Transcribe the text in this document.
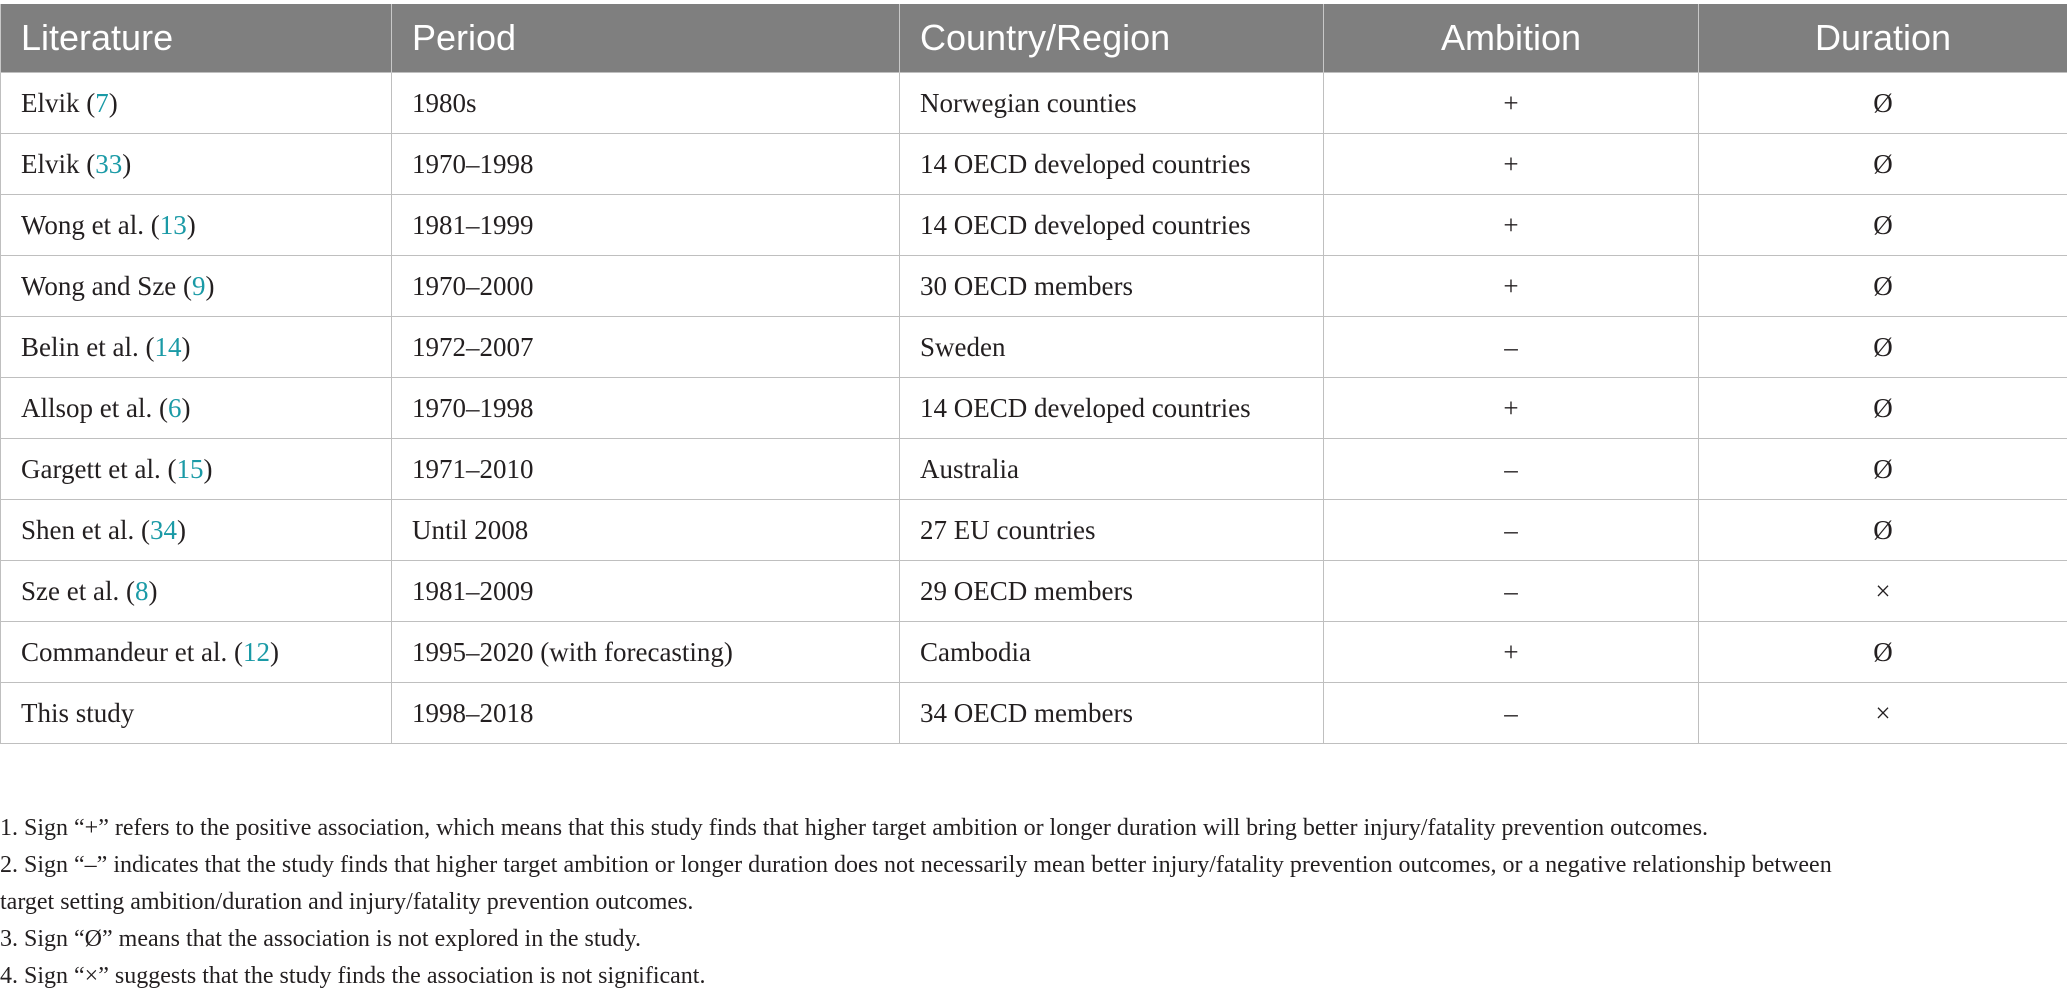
Literature	Period	Country/Region	Ambition	Duration
Elvik (7)	1980s	Norwegian counties	+	Ø
Elvik (33)	1970–1998	14 OECD developed countries	+	Ø
Wong et al. (13)	1981–1999	14 OECD developed countries	+	Ø
Wong and Sze (9)	1970–2000	30 OECD members	+	Ø
Belin et al. (14)	1972–2007	Sweden	–	Ø
Allsop et al. (6)	1970–1998	14 OECD developed countries	+	Ø
Gargett et al. (15)	1971–2010	Australia	–	Ø
Shen et al. (34)	Until 2008	27 EU countries	–	Ø
Sze et al. (8)	1981–2009	29 OECD members	–	×
Commandeur et al. (12)	1995–2020 (with forecasting)	Cambodia	+	Ø
This study	1998–2018	34 OECD members	–	×
1. Sign “+” refers to the positive association, which means that this study finds that higher target ambition or longer duration will bring better injury/fatality prevention outcomes.
2. Sign “–” indicates that the study finds that higher target ambition or longer duration does not necessarily mean better injury/fatality prevention outcomes, or a negative relationship between
target setting ambition/duration and injury/fatality prevention outcomes.
3. Sign “Ø” means that the association is not explored in the study.
4. Sign “×” suggests that the study finds the association is not significant.
